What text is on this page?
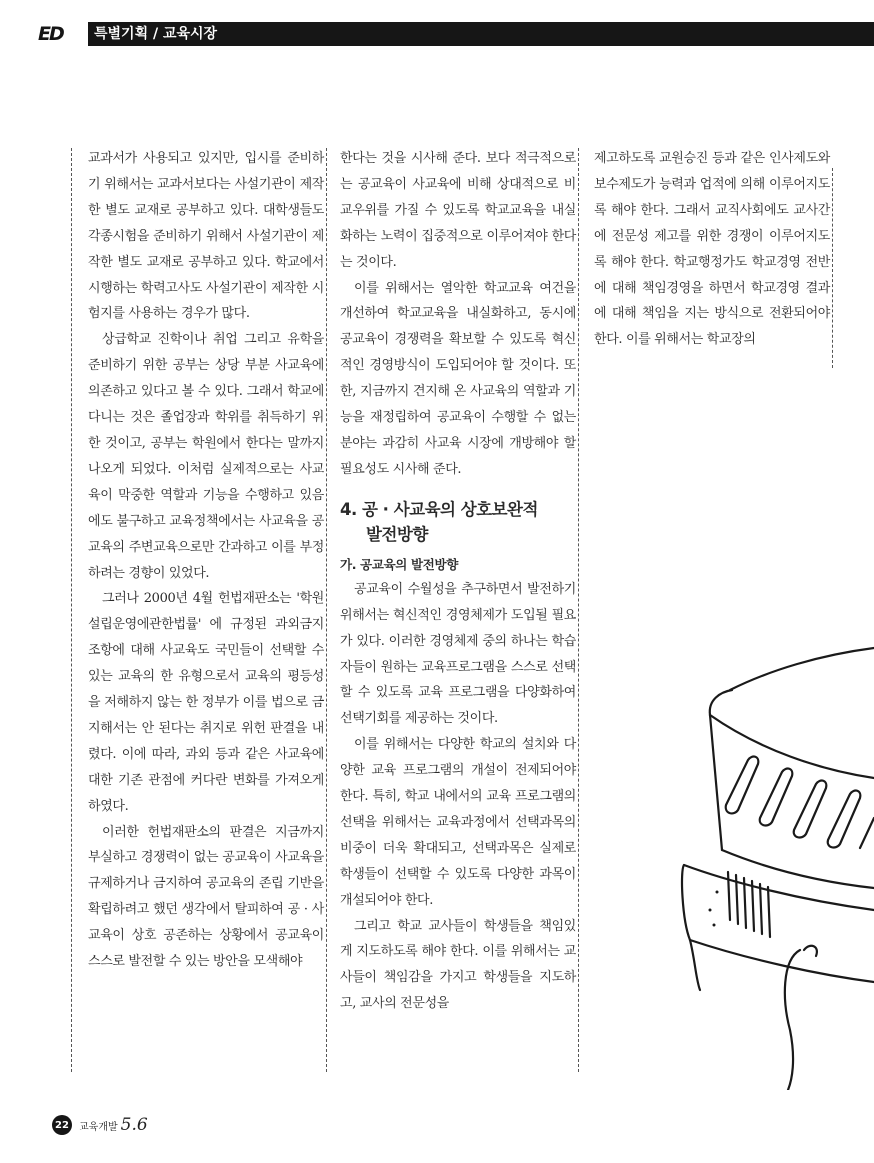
ED 특별기획 / 교육시장

교과서가 사용되고 있지만, 입시를 준비하기 위해서는 교과서보다는 사설기관이 제작한 별도 교재로 공부하고 있다. 대학생들도 각종시험을 준비하기 위해서 사설기관이 제작한 별도 교재로 공부하고 있다. 학교에서 시행하는 학력고사도 사설기관이 제작한 시험지를 사용하는 경우가 많다.

상급학교 진학이나 취업 그리고 유학을 준비하기 위한 공부는 상당 부분 사교육에 의존하고 있다고 볼 수 있다. 그래서 학교에 다니는 것은 졸업장과 학위를 취득하기 위한 것이고, 공부는 학원에서 한다는 말까지 나오게 되었다. 이처럼 실제적으로는 사교육이 막중한 역할과 기능을 수행하고 있음에도 불구하고 교육정책에서는 사교육을 공교육의 주변교육으로만 간과하고 이를 부정하려는 경향이 있었다.

그러나 2000년 4월 헌법재판소는 '학원설립운영에관한법률' 에 규정된 과외금지 조항에 대해 사교육도 국민들이 선택할 수 있는 교육의 한 유형으로서 교육의 평등성을 저해하지 않는 한 정부가 이를 법으로 금지해서는 안 된다는 취지로 위헌 판결을 내렸다. 이에 따라, 과외 등과 같은 사교육에 대한 기존 관점에 커다란 변화를 가져오게 하였다.

이러한 헌법재판소의 판결은 지금까지 부실하고 경쟁력이 없는 공교육이 사교육을 규제하거나 금지하여 공교육의 존립 기반을 확립하려고 했던 생각에서 탈피하여 공 · 사교육이 상호 공존하는 상황에서 공교육이 스스로 발전할 수 있는 방안을 모색해야

한다는 것을 시사해 준다. 보다 적극적으로는 공교육이 사교육에 비해 상대적으로 비교우위를 가질 수 있도록 학교교육을 내실화하는 노력이 집중적으로 이루어져야 한다는 것이다.

이를 위해서는 열악한 학교교육 여건을 개선하여 학교교육을 내실화하고, 동시에 공교육이 경쟁력을 확보할 수 있도록 혁신적인 경영방식이 도입되어야 할 것이다. 또한, 지금까지 견지해 온 사교육의 역할과 기능을 재정립하여 공교육이 수행할 수 없는 분야는 과감히 사교육 시장에 개방해야 할 필요성도 시사해 준다.

4. 공 · 사교육의 상호보완적
발전방향
가. 공교육의 발전방향

공교육이 수월성을 추구하면서 발전하기 위해서는 혁신적인 경영체제가 도입될 필요가 있다. 이러한 경영체제 중의 하나는 학습자들이 원하는 교육프로그램을 스스로 선택할 수 있도록 교육 프로그램을 다양화하여 선택기회를 제공하는 것이다.

이를 위해서는 다양한 학교의 설치와 다양한 교육 프로그램의 개설이 전제되어야 한다. 특히, 학교 내에서의 교육 프로그램의 선택을 위해서는 교육과정에서 선택과목의 비중이 더욱 확대되고, 선택과목은 실제로 학생들이 선택할 수 있도록 다양한 과목이 개설되어야 한다.

그리고 학교 교사들이 학생들을 책임있게 지도하도록 해야 한다. 이를 위해서는 교사들이 책임감을 가지고 학생들을 지도하고, 교사의 전문성을

제고하도록 교원승진 등과 같은 인사제도와 보수제도가 능력과 업적에 의해 이루어지도록 해야 한다. 그래서 교직사회에도 교사간에 전문성 제고를 위한 경쟁이 이루어지도록 해야 한다. 학교행정가도 학교경영 전반에 대해 책임경영을 하면서 학교경영 결과에 대해 책임을 지는 방식으로 전환되어야 한다. 이를 위해서는 학교장의

22	교육개발 5.6
